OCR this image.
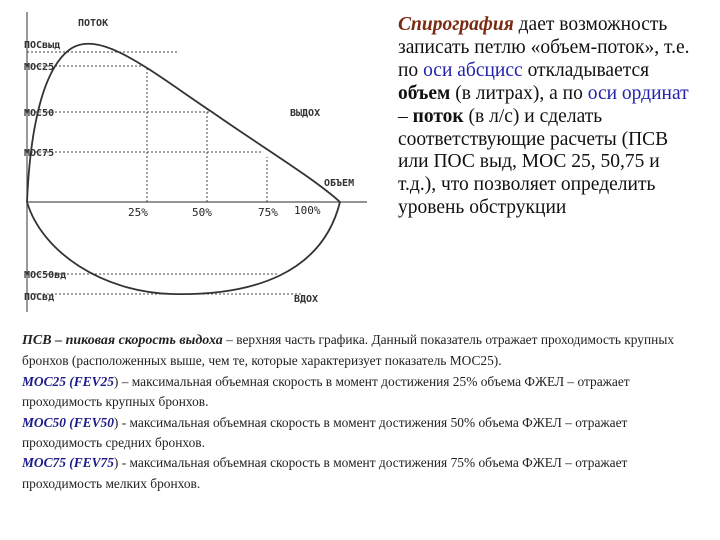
ПОТОК
ПОСвыд
МОС25
МОС50
МОС75
МОС50вд
ПОСвд
ВЫДОХ
ОБЪЕМ
ВДОХ
25%	50%	75% 100%
Спирография дает возможность записать петлю «объем-поток», т.е. по оси абсцисс откладывается объем (в литрах), а по оси ординат – поток (в л/с) и сделать соответствующие расчеты (ПСВ или ПОС выд, МОС 25, 50,75 и т.д.), что позволяет определить уровень обструкции

ПСВ – пиковая скорость выдоха – верхняя часть графика. Данный показатель отражает проходимость крупных бронхов (расположенных выше, чем те, которые характеризует показатель МОС25).

МОС25 (FEV25) – максимальная объемная скорость в момент достижения 25% объема ФЖЕЛ – отражает проходимость крупных бронхов.

МОС50 (FEV50) - максимальная объемная скорость в момент достижения 50% объема ФЖЕЛ – отражает проходимость средних бронхов.

МОС75 (FEV75) - максимальная объемная скорость в момент достижения 75% объема ФЖЕЛ – отражает проходимость мелких бронхов.
